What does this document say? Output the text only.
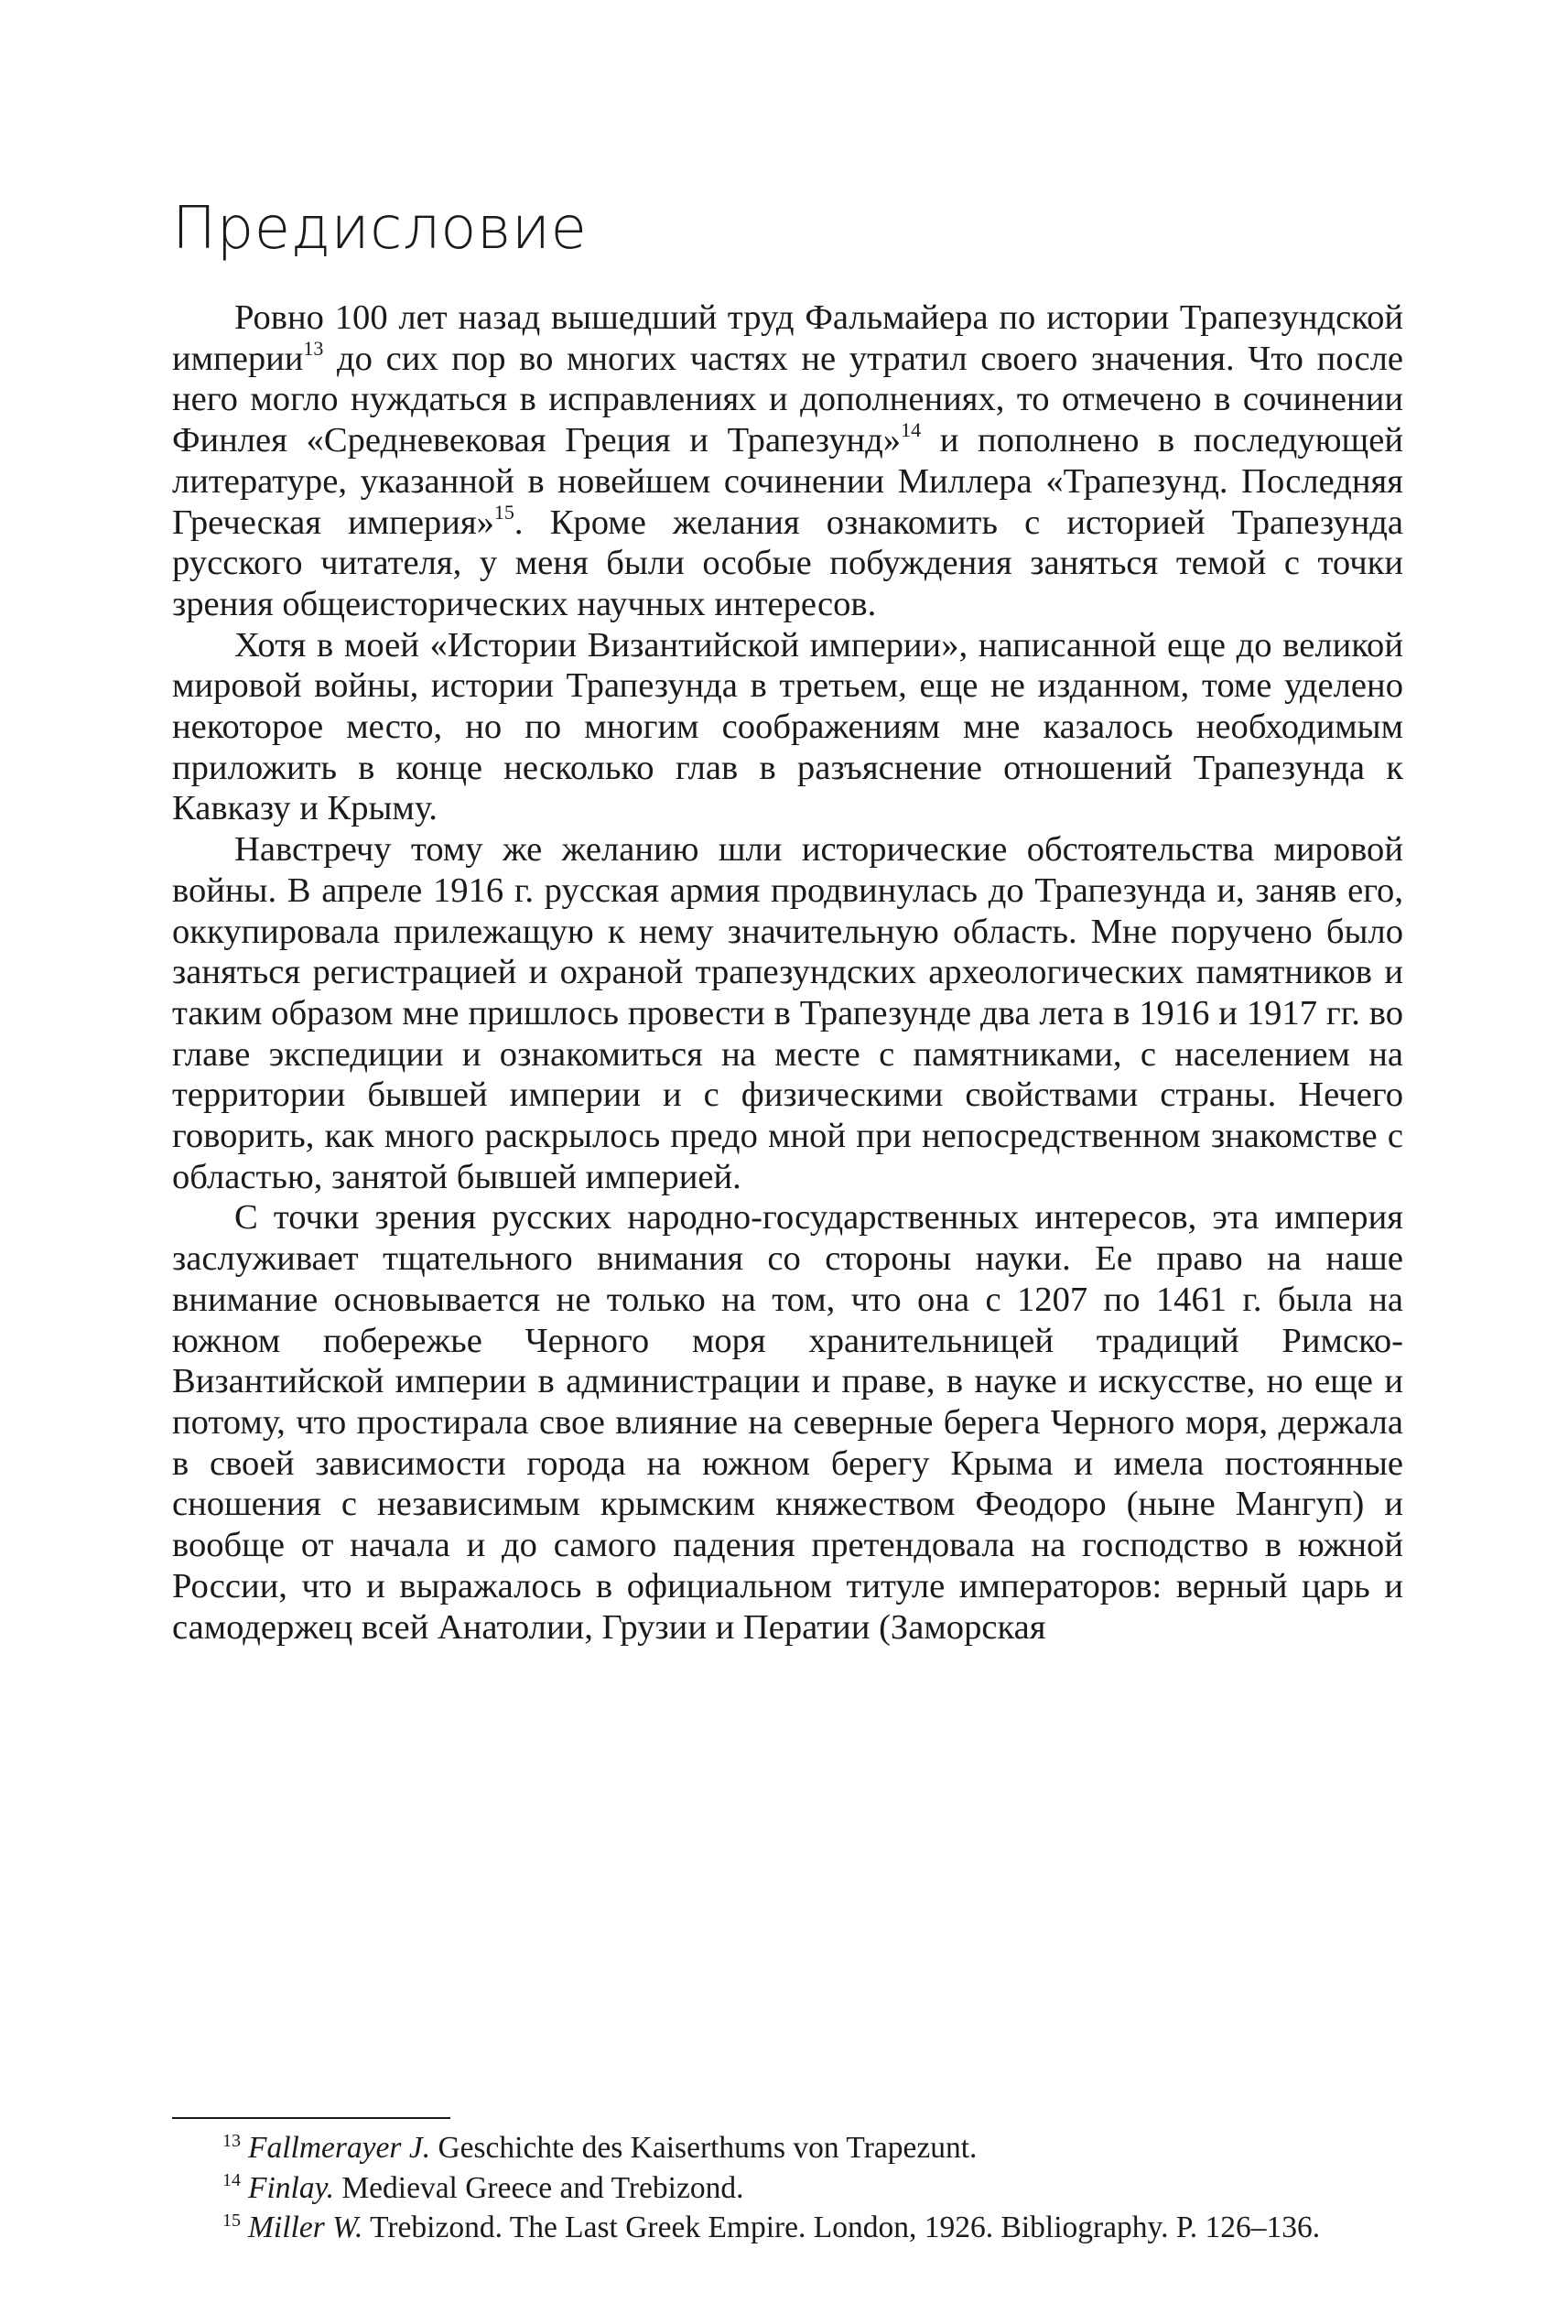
Предисловие

Ровно 100 лет назад вышедший труд Фальмайера по истории Трапезундской империи$^{13}$ до сих пор во многих частях не утратил своего значения. Что после него могло нуждаться в исправлениях и дополнениях, то отмечено в сочинении Финлея «Средневековая Греция и Трапезунд»$^{14}$ и пополнено в последующей литературе, указанной в новейшем сочинении Миллера «Трапезунд. Последняя Греческая империя»$^{15}$. Кроме желания ознакомить с историей Трапезунда русского читателя, у меня были особые побуждения заняться темой с точки зрения общеисторических научных интересов.

Хотя в моей «Истории Византийской империи», написанной еще до великой мировой войны, истории Трапезунда в третьем, еще не изданном, томе уделено некоторое место, но по многим соображениям мне казалось необходимым приложить в конце несколько глав в разъяснение отношений Трапезунда к Кавказу и Крыму.

Навстречу тому же желанию шли исторические обстоятельства мировой войны. В апреле 1916 г. русская армия продвинулась до Трапезунда и, заняв его, оккупировала прилежащую к нему значительную область. Мне поручено было заняться регистрацией и охраной трапезундских археологических памятников и таким образом мне пришлось провести в Трапезунде два лета в 1916 и 1917 гг. во главе экспедиции и ознакомиться на месте с памятниками, с населением на территории бывшей империи и с физическими свойствами страны. Нечего говорить, как много раскрылось предо мной при непосредственном знакомстве с областью, занятой бывшей империей.

С точки зрения русских народно-государственных интересов, эта империя заслуживает тщательного внимания со стороны науки. Ее право на наше внимание основывается не только на том, что она с 1207 по 1461 г. была на южном побережье Черного моря хранительницей традиций Римско-Византийской империи в администрации и праве, в науке и искусстве, но еще и потому, что простирала свое влияние на северные берега Черного моря, держала в своей зависимости города на южном берегу Крыма и имела постоянные сношения с независимым крымским княжеством Феодоро (ныне Мангуп) и вообще от начала и до самого падения претендовала на господство в южной России, что и выражалось в официальном титуле императоров: верный царь и самодержец всей Анатолии, Грузии и Ператии (Заморская

$^{13}$ Fallmerayer J. Geschichte des Kaiserthums von Trapezunt.

$^{14}$ Finlay. Medieval Greece and Trebizond.

$^{15}$ Miller W. Trebizond. The Last Greek Empire. London, 1926. Bibliography. P. 126–136.
